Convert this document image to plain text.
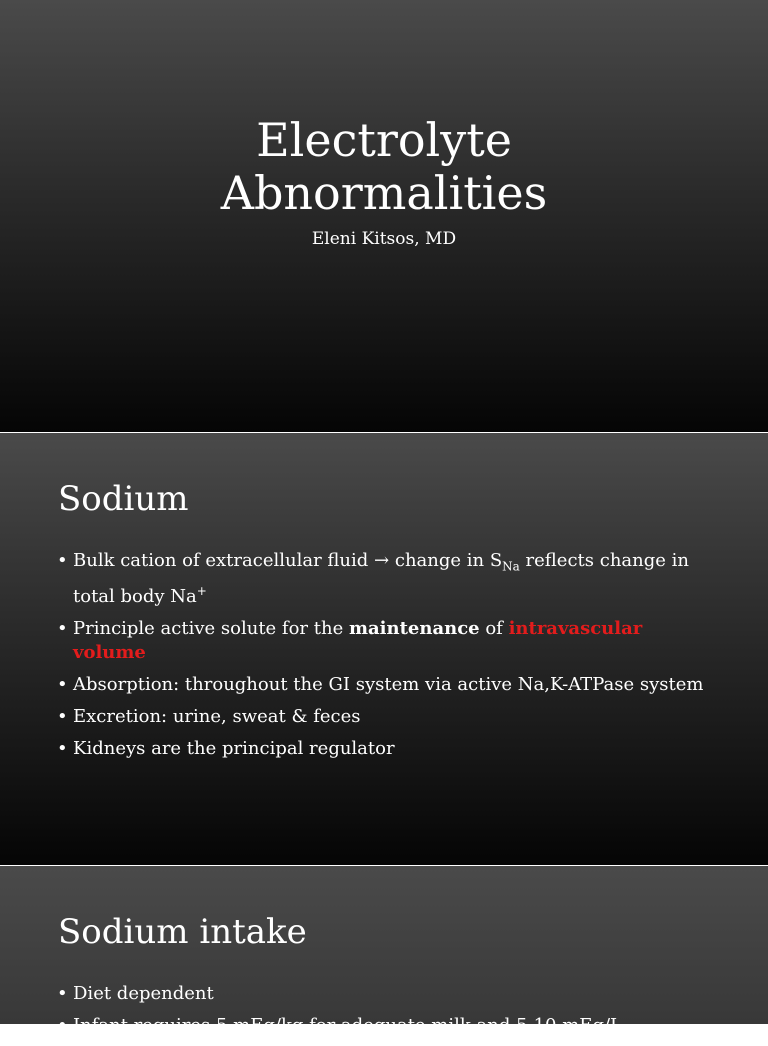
Electrolyte
Abnormalities
Eleni Kitsos, MD
Sodium
• Bulk cation of extracellular fluid → change in $S_{Na}$ reflects change in total body Na+
• Principle active solute for the maintenance of intravascular volume
• Absorption: throughout the GI system via active Na,K-ATPase system
• Excretion: urine, sweat & feces
• Kidneys are the principal regulator
Sodium intake
• Diet dependent
• Infant requires 5 mEq/kg for adequate milk and 5-10 mEq/L
